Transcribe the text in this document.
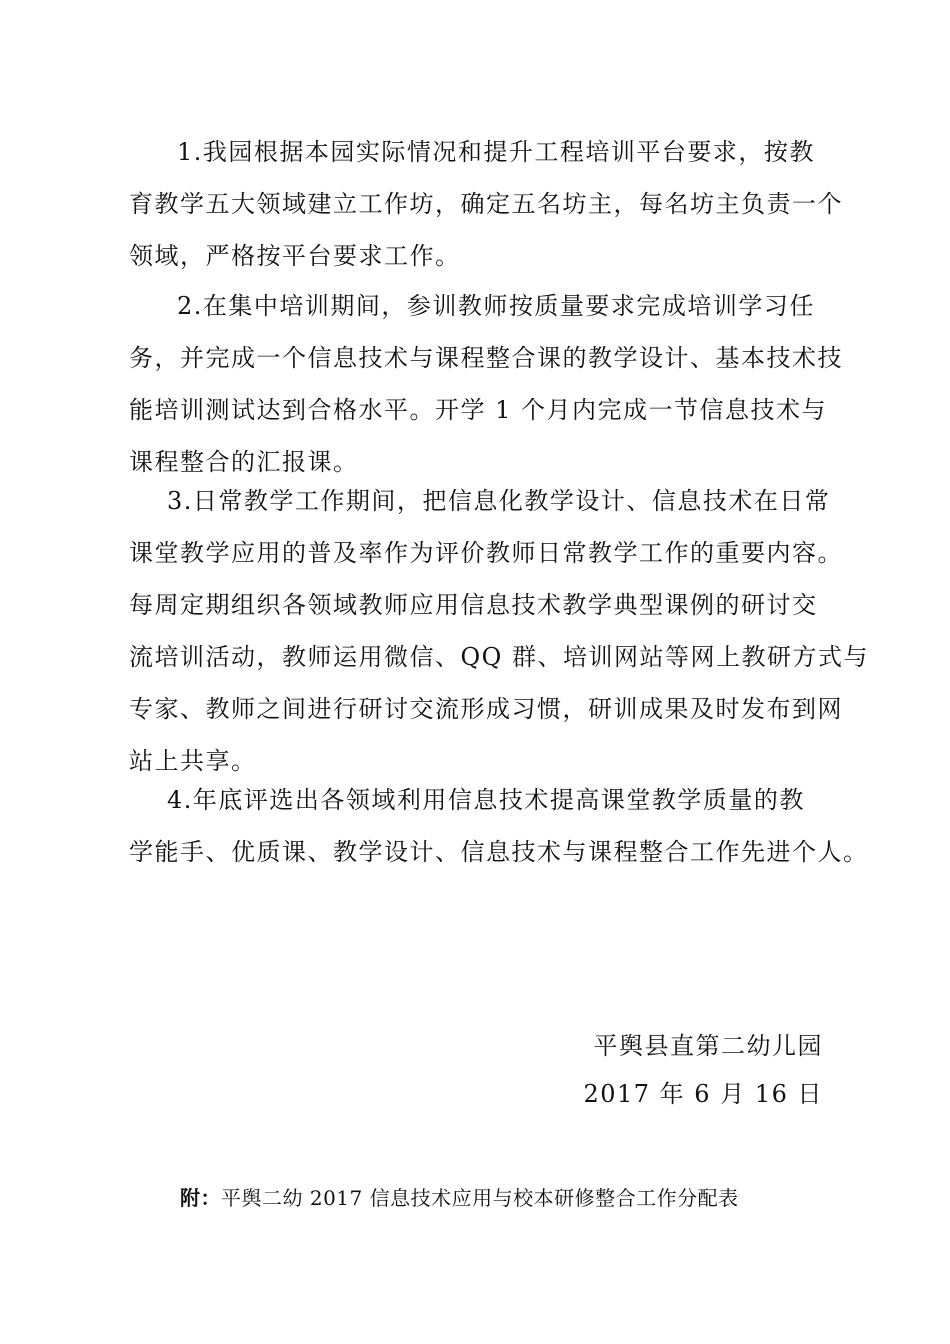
1.我园根据本园实际情况和提升工程培训平台要求，按教
育教学五大领域建立工作坊，确定五名坊主，每名坊主负责一个
领域，严格按平台要求工作。
2.在集中培训期间，参训教师按质量要求完成培训学习任
务，并完成一个信息技术与课程整合课的教学设计、基本技术技
能培训测试达到合格水平。开学 1 个月内完成一节信息技术与
课程整合的汇报课。
3.日常教学工作期间，把信息化教学设计、信息技术在日常
课堂教学应用的普及率作为评价教师日常教学工作的重要内容。
每周定期组织各领域教师应用信息技术教学典型课例的研讨交
流培训活动，教师运用微信、QQ 群、培训网站等网上教研方式与
专家、教师之间进行研讨交流形成习惯，研训成果及时发布到网
站上共享。
4.年底评选出各领域利用信息技术提高课堂教学质量的教
学能手、优质课、教学设计、信息技术与课程整合工作先进个人。
平舆县直第二幼儿园
2017 年 6 月 16 日
附：平舆二幼 2017 信息技术应用与校本研修整合工作分配表
